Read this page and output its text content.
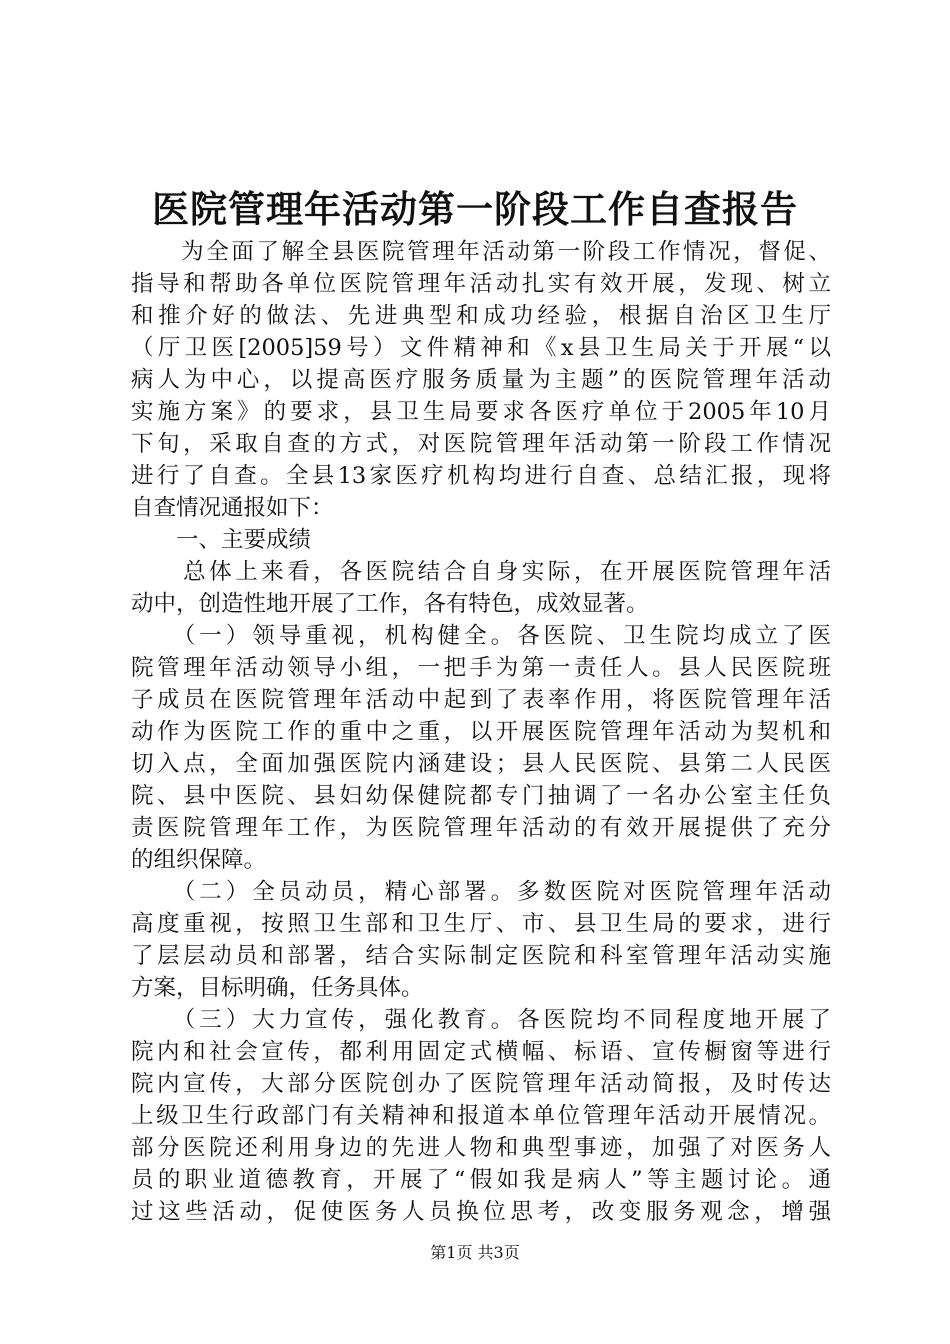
医院管理年活动第一阶段工作自查报告
　　为全面了解全县医院管理年活动第一阶段工作情况，督促、
指导和帮助各单位医院管理年活动扎实有效开展，发现、树立
和推介好的做法、先进典型和成功经验，根据自治区卫生厅
（厅卫医[2005]59号）文件精神和《x县卫生局关于开展“以
病人为中心，以提高医疗服务质量为主题”的医院管理年活动
实施方案》的要求，县卫生局要求各医疗单位于2005年10月
下旬，采取自查的方式，对医院管理年活动第一阶段工作情况
进行了自查。全县13家医疗机构均进行自查、总结汇报，现将
自查情况通报如下：
　　一、主要成绩
　　总体上来看，各医院结合自身实际，在开展医院管理年活
动中，创造性地开展了工作，各有特色，成效显著。
　　（一）领导重视，机构健全。各医院、卫生院均成立了医
院管理年活动领导小组，一把手为第一责任人。县人民医院班
子成员在医院管理年活动中起到了表率作用，将医院管理年活
动作为医院工作的重中之重，以开展医院管理年活动为契机和
切入点，全面加强医院内涵建设；县人民医院、县第二人民医
院、县中医院、县妇幼保健院都专门抽调了一名办公室主任负
责医院管理年工作，为医院管理年活动的有效开展提供了充分
的组织保障。
　　（二）全员动员，精心部署。多数医院对医院管理年活动
高度重视，按照卫生部和卫生厅、市、县卫生局的要求，进行
了层层动员和部署，结合实际制定医院和科室管理年活动实施
方案，目标明确，任务具体。
　　（三）大力宣传，强化教育。各医院均不同程度地开展了
院内和社会宣传，都利用固定式横幅、标语、宣传橱窗等进行
院内宣传，大部分医院创办了医院管理年活动简报，及时传达
上级卫生行政部门有关精神和报道本单位管理年活动开展情况。
部分医院还利用身边的先进人物和典型事迹，加强了对医务人
员的职业道德教育，开展了“假如我是病人”等主题讨论。通
过这些活动，促使医务人员换位思考，改变服务观念，增强
第1页 共3页
